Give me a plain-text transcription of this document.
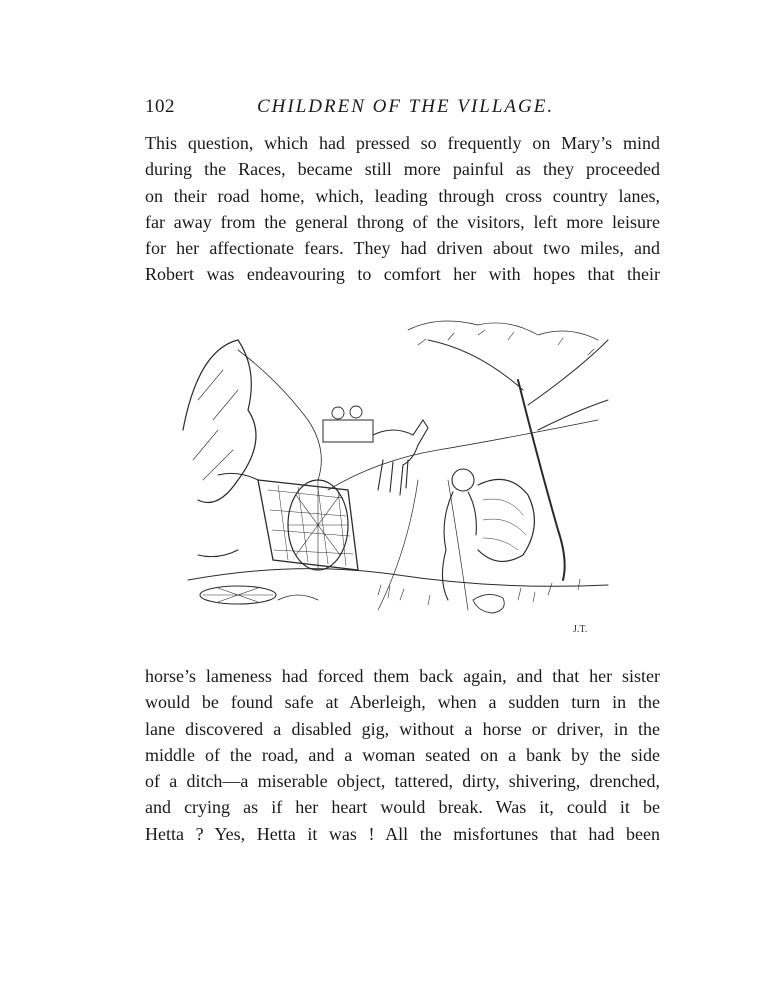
102	CHILDREN OF THE VILLAGE.
This question, which had pressed so frequently on Mary’s mind
during the Races, became still more painful as they proceeded
on their road home, which, leading through cross country lanes,
far away from the general throng of the visitors, left more leisure
for her affectionate fears. They had driven about two miles, and
Robert was endeavouring to comfort her with hopes that their
J.T.
horse’s lameness had forced them back again, and that her sister
would be found safe at Aberleigh, when a sudden turn in the
lane discovered a disabled gig, without a horse or driver, in the
middle of the road, and a woman seated on a bank by the side
of a ditch—a miserable object, tattered, dirty, shivering, drenched,
and crying as if her heart would break. Was it, could it be
Hetta ? Yes, Hetta it was ! All the misfortunes that had been
